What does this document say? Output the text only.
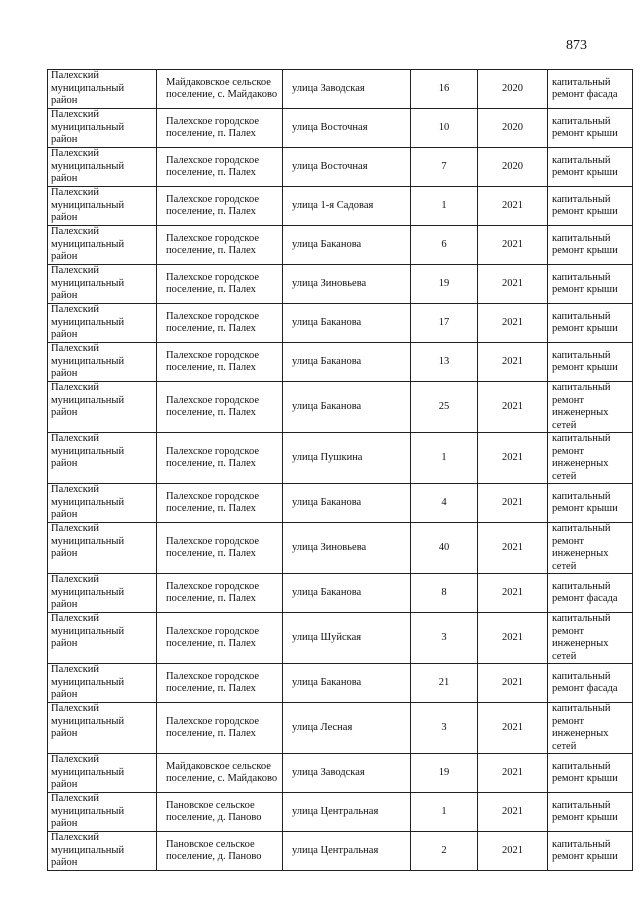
873
Палехский муниципальный район	Майдаковское сельское поселение, с. Майдаково	улица Заводская	16	2020	капитальный ремонт фасада
Палехский муниципальный район	Палехское городское поселение, п. Палех	улица Восточная	10	2020	капитальный ремонт крыши
Палехский муниципальный район	Палехское городское поселение, п. Палех	улица Восточная	7	2020	капитальный ремонт крыши
Палехский муниципальный район	Палехское городское поселение, п. Палех	улица 1-я Садовая	1	2021	капитальный ремонт крыши
Палехский муниципальный район	Палехское городское поселение, п. Палех	улица Баканова	6	2021	капитальный ремонт крыши
Палехский муниципальный район	Палехское городское поселение, п. Палех	улица Зиновьева	19	2021	капитальный ремонт крыши
Палехский муниципальный район	Палехское городское поселение, п. Палех	улица Баканова	17	2021	капитальный ремонт крыши
Палехский муниципальный район	Палехское городское поселение, п. Палех	улица Баканова	13	2021	капитальный ремонт крыши
Палехский муниципальный район	Палехское городское поселение, п. Палех	улица Баканова	25	2021	капитальный ремонт инженерных сетей
Палехский муниципальный район	Палехское городское поселение, п. Палех	улица Пушкина	1	2021	капитальный ремонт инженерных сетей
Палехский муниципальный район	Палехское городское поселение, п. Палех	улица Баканова	4	2021	капитальный ремонт крыши
Палехский муниципальный район	Палехское городское поселение, п. Палех	улица Зиновьева	40	2021	капитальный ремонт инженерных сетей
Палехский муниципальный район	Палехское городское поселение, п. Палех	улица Баканова	8	2021	капитальный ремонт фасада
Палехский муниципальный район	Палехское городское поселение, п. Палех	улица Шуйская	3	2021	капитальный ремонт инженерных сетей
Палехский муниципальный район	Палехское городское поселение, п. Палех	улица Баканова	21	2021	капитальный ремонт фасада
Палехский муниципальный район	Палехское городское поселение, п. Палех	улица Лесная	3	2021	капитальный ремонт инженерных сетей
Палехский муниципальный район	Майдаковское сельское поселение, с. Майдаково	улица Заводская	19	2021	капитальный ремонт крыши
Палехский муниципальный район	Пановское сельское поселение, д. Паново	улица Центральная	1	2021	капитальный ремонт крыши
Палехский муниципальный район	Пановское сельское поселение, д. Паново	улица Центральная	2	2021	капитальный ремонт крыши
